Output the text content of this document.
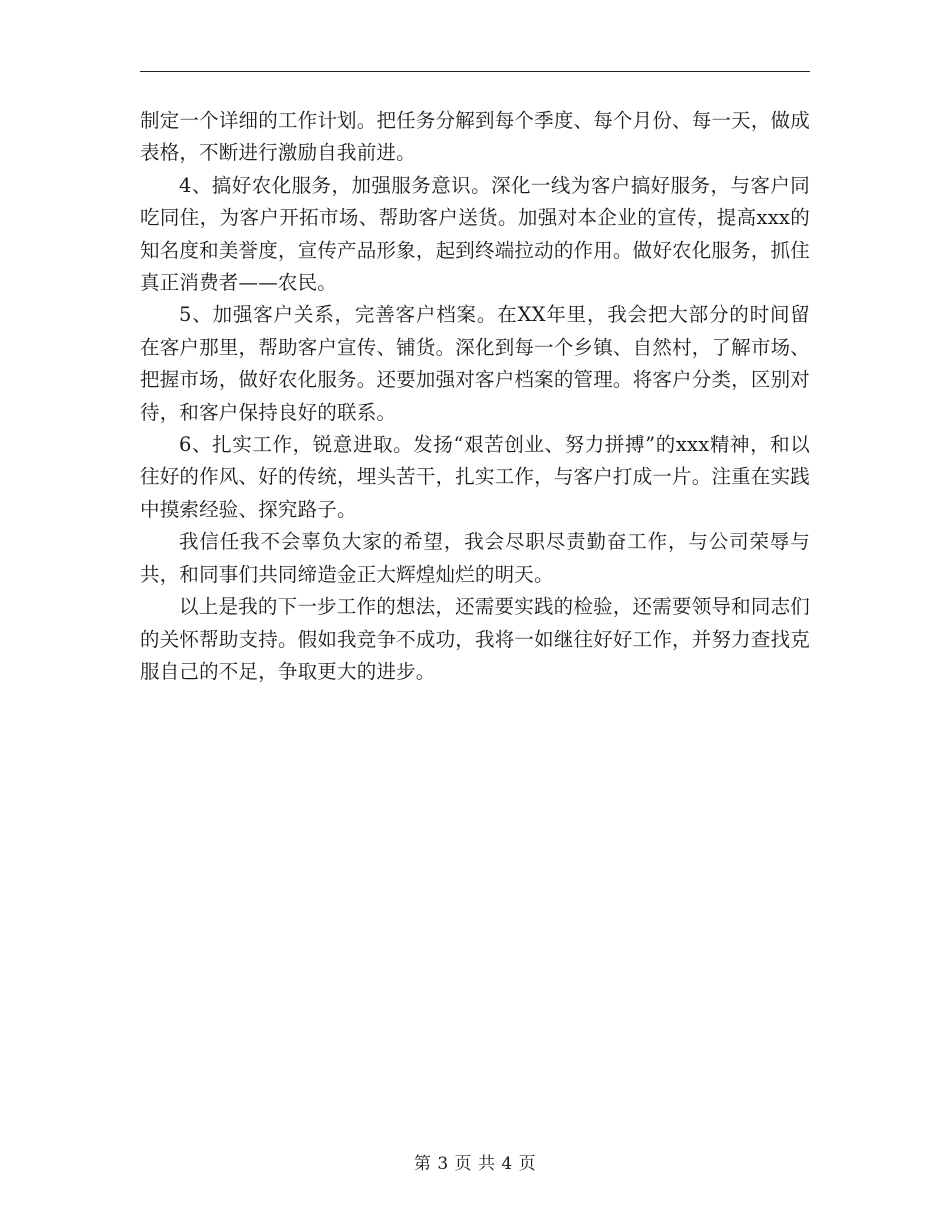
制定一个详细的工作计划。把任务分解到每个季度、每个月份、每一天，做成表格，不断进行激励自我前进。

4、搞好农化服务，加强服务意识。深化一线为客户搞好服务，与客户同吃同住，为客户开拓市场、帮助客户送货。加强对本企业的宣传，提高xxx的知名度和美誉度，宣传产品形象，起到终端拉动的作用。做好农化服务，抓住真正消费者——农民。

5、加强客户关系，完善客户档案。在XX年里，我会把大部分的时间留在客户那里，帮助客户宣传、铺货。深化到每一个乡镇、自然村，了解市场、把握市场，做好农化服务。还要加强对客户档案的管理。将客户分类，区别对待，和客户保持良好的联系。

6、扎实工作，锐意进取。发扬“艰苦创业、努力拼搏”的xxx精神，和以往好的作风、好的传统，埋头苦干，扎实工作，与客户打成一片。注重在实践中摸索经验、探究路子。

我信任我不会辜负大家的希望，我会尽职尽责勤奋工作，与公司荣辱与共，和同事们共同缔造金正大辉煌灿烂的明天。

以上是我的下一步工作的想法，还需要实践的检验，还需要领导和同志们的关怀帮助支持。假如我竞争不成功，我将一如继往好好工作，并努力查找克服自己的不足，争取更大的进步。

第 3 页 共 4 页
